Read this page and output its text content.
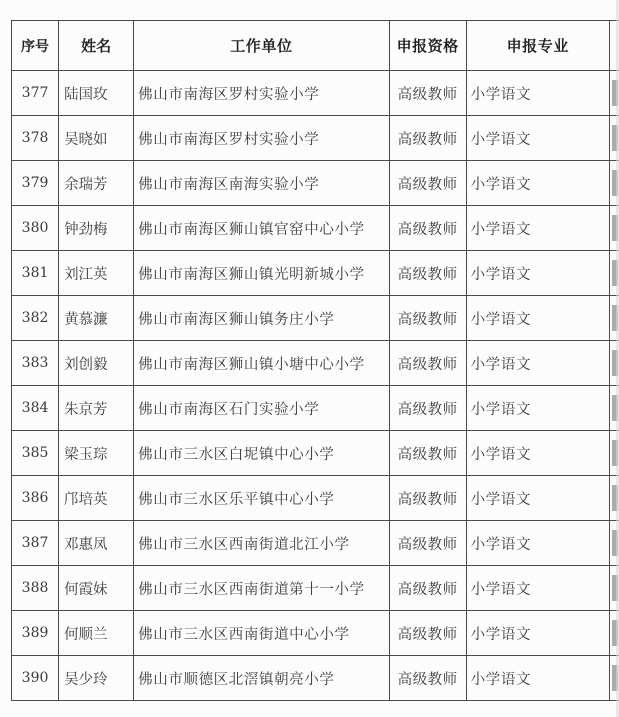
序号	姓名	工作单位	申报资格	申报专业	
377	陆国玫	佛山市南海区罗村实验小学	高级教师	小学语文	

378	吴晓如	佛山市南海区罗村实验小学	高级教师	小学语文	

379	余瑞芳	佛山市南海区南海实验小学	高级教师	小学语文	

380	钟劲梅	佛山市南海区狮山镇官窑中心小学	高级教师	小学语文	

381	刘江英	佛山市南海区狮山镇光明新城小学	高级教师	小学语文	

382	黄慕濂	佛山市南海区狮山镇务庄小学	高级教师	小学语文	

383	刘创毅	佛山市南海区狮山镇小塘中心小学	高级教师	小学语文	

384	朱京芳	佛山市南海区石门实验小学	高级教师	小学语文	

385	梁玉琮	佛山市三水区白坭镇中心小学	高级教师	小学语文	

386	邝培英	佛山市三水区乐平镇中心小学	高级教师	小学语文	

387	邓惠凤	佛山市三水区西南街道北江小学	高级教师	小学语文	

388	何霞妹	佛山市三水区西南街道第十一小学	高级教师	小学语文	

389	何顺兰	佛山市三水区西南街道中心小学	高级教师	小学语文	

390	吴少玲	佛山市顺德区北滘镇朝亮小学	高级教师	小学语文	
